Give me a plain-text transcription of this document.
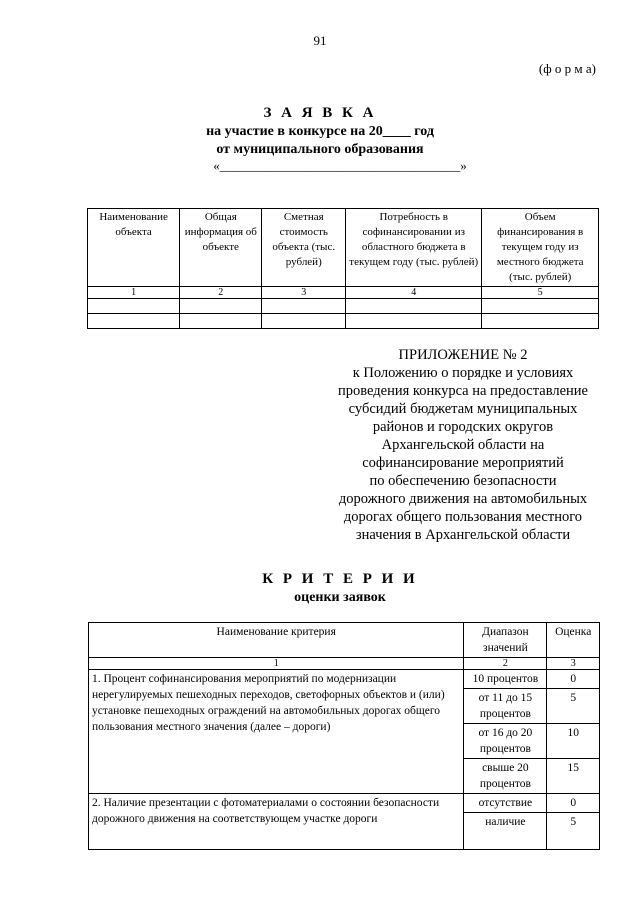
91
(ф о р м а)
З А Я В К А
на участие в конкурсе на 20____ год
от муниципального образования
«_____________________________________»
Наименование объекта	Общая информация об объекте	Сметная стоимость объекта (тыс. рублей)	Потребность в софинансировании из областного бюджета в текущем году (тыс. рублей)	Объем финансирования в текущем году из местного бюджета (тыс. рублей)
1	2	3	4	5

ПРИЛОЖЕНИЕ № 2
к Положению о порядке и условиях
проведения конкурса на предоставление
субсидий бюджетам муниципальных
районов и городских округов
Архангельской области на
софинансирование мероприятий
по обеспечению безопасности
дорожного движения на автомобильных
дорогах общего пользования местного
значения в Архангельской области
К Р И Т Е Р И И
оценки заявок
Наименование критерия	Диапазон значений	Оценка
1	2	3
1. Процент софинансирования мероприятий по модернизации нерегулируемых пешеходных переходов, светофорных объектов и (или) установке пешеходных ограждений на автомобильных дорогах общего пользования местного значения (далее – дороги)	10 процентов	0
	от 11 до 15 процентов	5
	от 16 до 20 процентов	10
	свыше 20 процентов	15
2. Наличие презентации с фотоматериалами о состоянии безопасности дорожного движения на соответствующем участке дороги	отсутствие	0
	наличие	5
